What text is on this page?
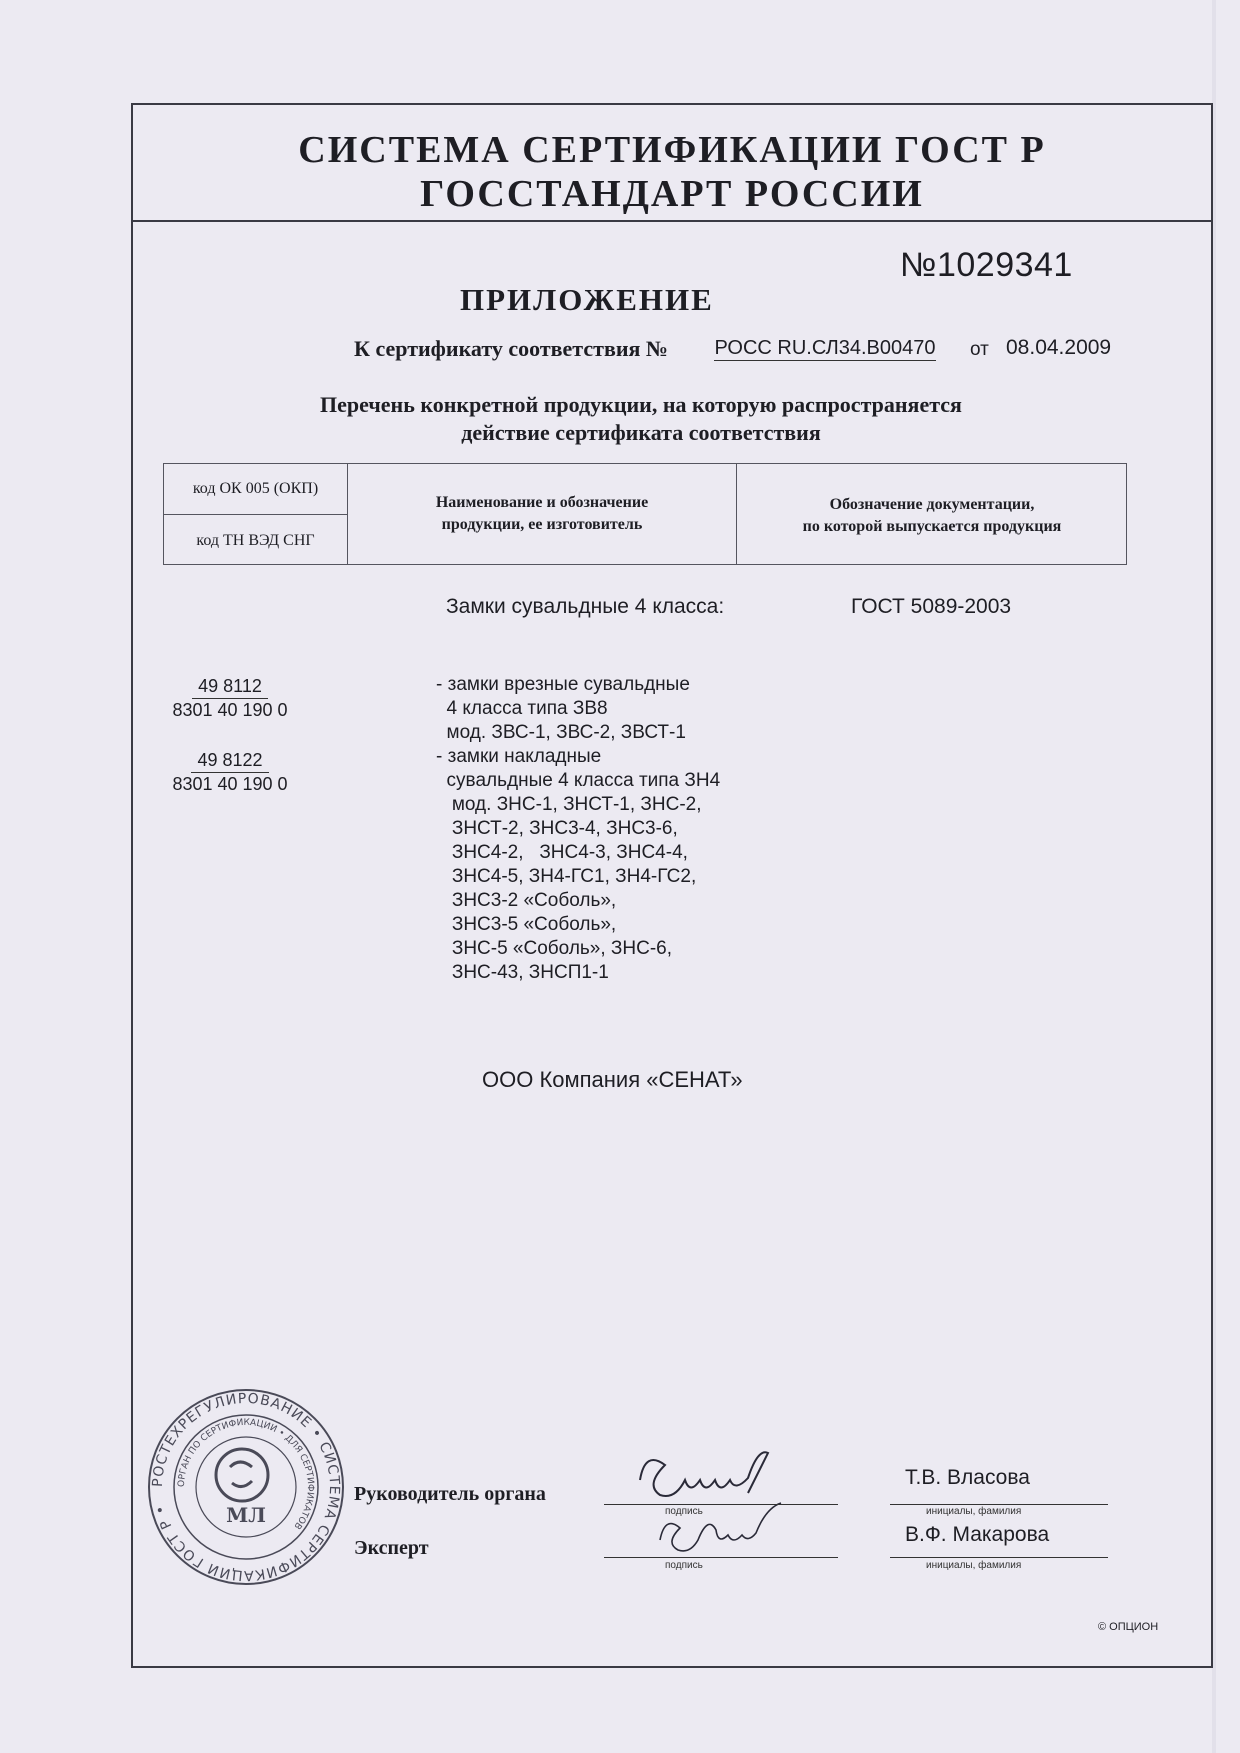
СИСТЕМА СЕРТИФИКАЦИИ ГОСТ Р
ГОССТАНДАРТ РОССИИ
№1029341
ПРИЛОЖЕНИЕ
К сертификату соответствия № РОСС RU.СЛ34.В00470 от 08.04.2009
Перечень конкретной продукции, на которую распространяется
действие сертификата соответствия
код ОК 005 (ОКП)
код ТН ВЭД СНГ
Наименование и обозначение
продукции, ее изготовитель
Обозначение документации,
по которой выпускается продукция
Замки сувальдные 4 класса:	ГОСТ 5089-2003
49 8112
8301 40 190 0
49 8122
8301 40 190 0
- замки врезные сувальдные
4 класса типа ЗВ8
мод. ЗВС-1, ЗВС-2, ЗВСТ-1
- замки накладные
сувальдные 4 класса типа ЗН4
мод. ЗНС-1, ЗНСТ-1, ЗНС-2,
ЗНСТ-2, ЗНС3-4, ЗНС3-6,
ЗНС4-2,   ЗНС4-3, ЗНС4-4,
ЗНС4-5, ЗН4-ГС1, ЗН4-ГС2,
ЗНС3-2 «Соболь»,
ЗНС3-5 «Соболь»,
ЗНС-5 «Соболь», ЗНС-6,
ЗНС-43, ЗНСП1-1
ООО Компания «СЕНАТ»
РОСТЕХРЕГУЛИРОВАНИЕ • СИСТЕМА СЕРТИФИКАЦИИ ГОСТ Р •
ОРГАН ПО СЕРТИФИКАЦИИ • ДЛЯ СЕРТИФИКАТОВ
МЛ
Руководитель органа
Эксперт
подпись
подпись
инициалы, фамилия
инициалы, фамилия
Т.В. Власова
В.Ф. Макарова
© ОПЦИОН
